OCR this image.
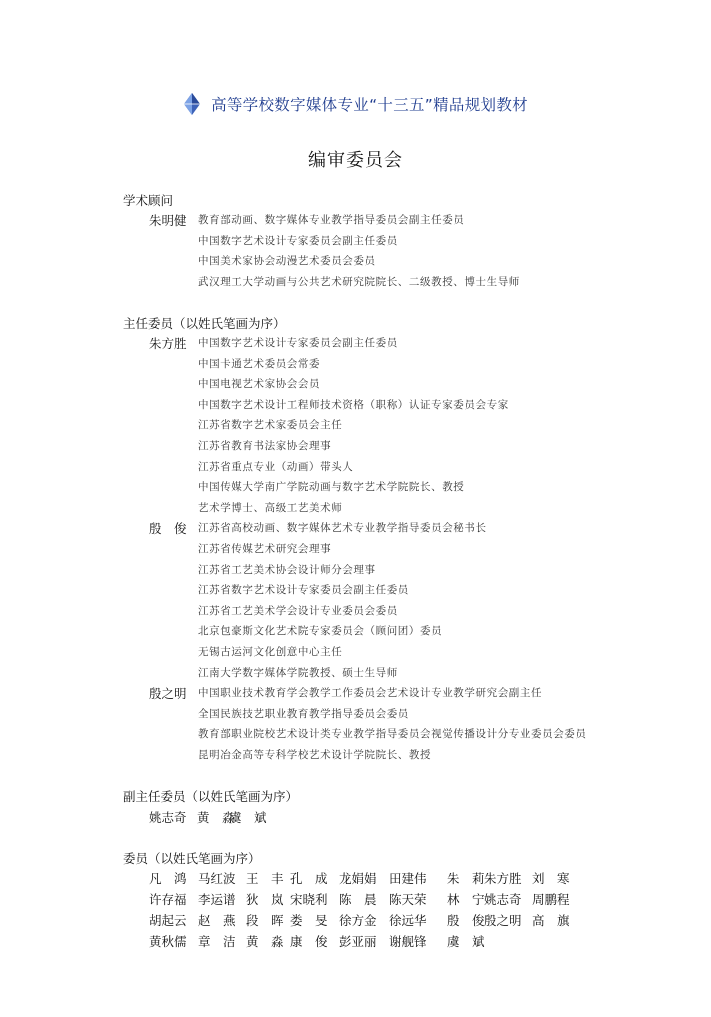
高等学校数字媒体专业“十三五”精品规划教材
编审委员会
学术顾问
朱明健 教育部动画、数字媒体专业教学指导委员会副主任委员
中国数字艺术设计专家委员会副主任委员
中国美术家协会动漫艺术委员会委员
武汉理工大学动画与公共艺术研究院院长、二级教授、博士生导师
主任委员（以姓氏笔画为序）
朱方胜 中国数字艺术设计专家委员会副主任委员
中国卡通艺术委员会常委
中国电视艺术家协会会员
中国数字艺术设计工程师技术资格（职称）认证专家委员会专家
江苏省数字艺术家委员会主任
江苏省教育书法家协会理事
江苏省重点专业（动画）带头人
中国传媒大学南广学院动画与数字艺术学院院长、教授
艺术学博士、高级工艺美术师
殷　俊 江苏省高校动画、数字媒体艺术专业教学指导委员会秘书长
江苏省传媒艺术研究会理事
江苏省工艺美术协会设计师分会理事
江苏省数字艺术设计专家委员会副主任委员
江苏省工艺美术学会设计专业委员会委员
北京包豪斯文化艺术院专家委员会（顾问团）委员
无锡古运河文化创意中心主任
江南大学数字媒体学院教授、硕士生导师
殷之明 中国职业技术教育学会教学工作委员会艺术设计专业教学研究会副主任
全国民族技艺职业教育教学指导委员会委员
教育部职业院校艺术设计类专业教学指导委员会视觉传播设计分专业委员会委员
昆明冶金高等专科学校艺术设计学院院长、教授
副主任委员（以姓氏笔画为序）
姚志奇 黄　淼
虞　斌
委员（以姓氏笔画为序）
凡　鸿 马红波 王　丰 孔　成 龙娟娟 田建伟 朱　莉 朱方胜 刘　寒
许存福 李运谱 狄　岚 宋晓利 陈　晨 陈天荣 林　宁 姚志奇 周鹏程
胡起云 赵　燕 段　晖 娄　旻 徐方金 徐远华 殷　俊 殷之明 高　旗
黄秋儒 章　洁 黄　淼 康　俊 彭亚丽 谢舰锋 虞　斌
